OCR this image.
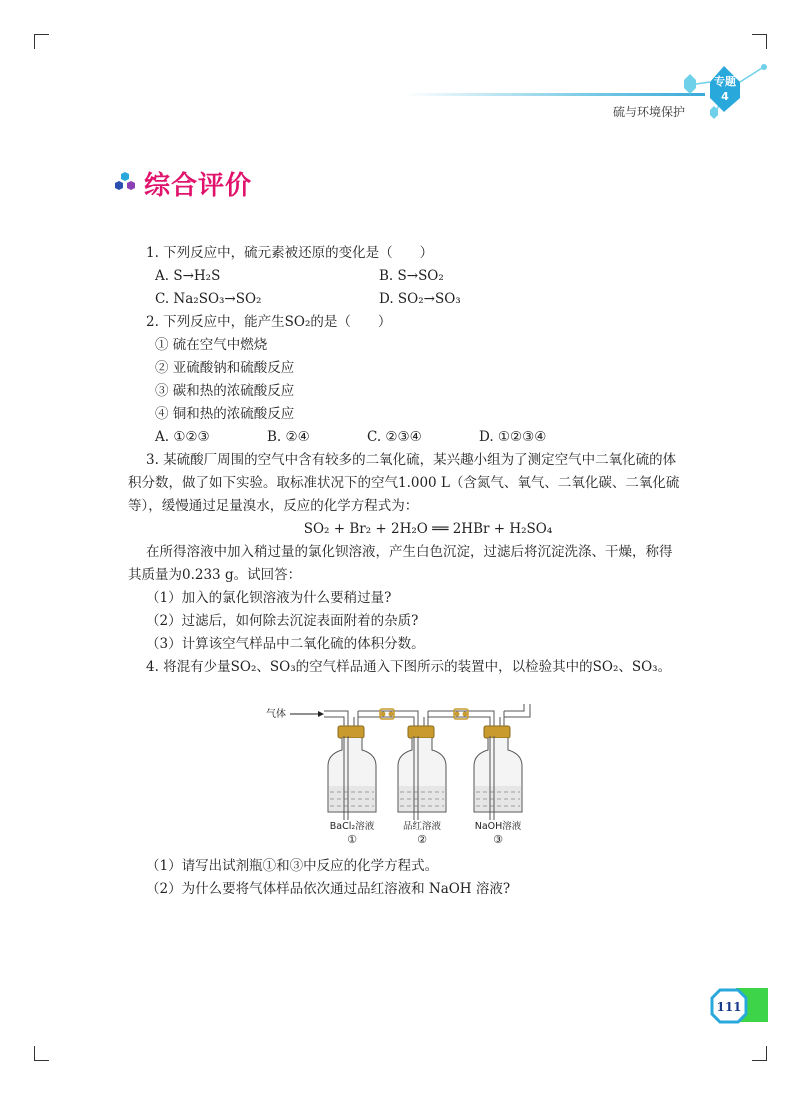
硫与环境保护
专题
4
综合评价

1. 下列反应中，硫元素被还原的变化是（　　）

A. S→H₂S	B. S→SO₂
C. Na₂SO₃→SO₂	D. SO₂→SO₃

2. 下列反应中，能产生SO₂的是（　　）

① 硫在空气中燃烧

② 亚硫酸钠和硫酸反应

③ 碳和热的浓硫酸反应

④ 铜和热的浓硫酸反应

A. ①②③	B. ②④	C. ②③④	D. ①②③④

3. 某硫酸厂周围的空气中含有较多的二氧化硫，某兴趣小组为了测定空气中二氧化硫的体

积分数，做了如下实验。取标准状况下的空气1.000 L（含氮气、氧气、二氧化碳、二氧化硫

等），缓慢通过足量溴水，反应的化学方程式为：

SO₂ + Br₂ + 2H₂O ══ 2HBr + H₂SO₄

在所得溶液中加入稍过量的氯化钡溶液，产生白色沉淀，过滤后将沉淀洗涤、干燥，称得

其质量为0.233 g。试回答：

（1）加入的氯化钡溶液为什么要稍过量?

（2）过滤后，如何除去沉淀表面附着的杂质?

（3）计算该空气样品中二氧化硫的体积分数。

4. 将混有少量SO₂、SO₃的空气样品通入下图所示的装置中，以检验其中的SO₂、SO₃。

气体
BaCl₂溶液
①
品红溶液
②
NaOH溶液
③

（1）请写出试剂瓶①和③中反应的化学方程式。

（2）为什么要将气体样品依次通过品红溶液和 NaOH 溶液?

111
